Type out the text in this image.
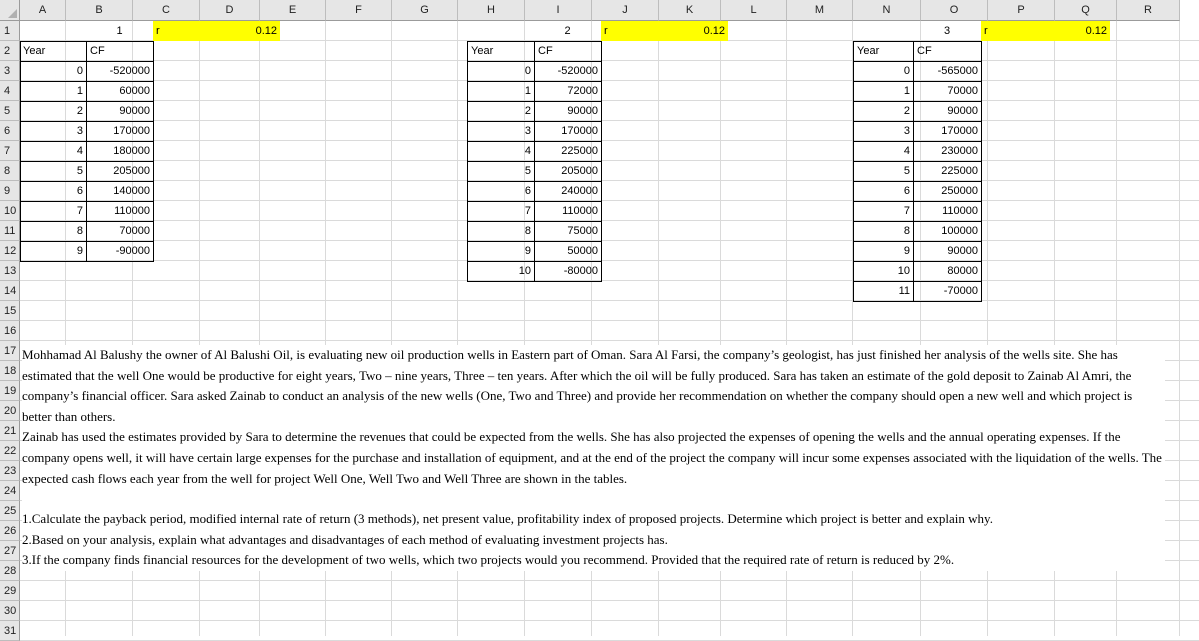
A	B	C	D	E	F	G	H	I	J	K	L	M	N	O	P	Q	R
1
2
3
4
5
6
7
8
9
10
11
12
13
14
15
16
17
18
19
20
21
22
23
24
25
26
27
28
29
30
31
1	r	0.12	2	r	0.12	3	r	0.12
Year	CF
0	-520000
1	60000
2	90000
3	170000
4	180000
5	205000
6	140000
7	110000
8	70000
9	-90000
Year	CF
0	-520000
1	72000
2	90000
3	170000
4	225000
5	205000
6	240000
7	110000
8	75000
9	50000
10	-80000
Year	CF
0	-565000
1	70000
2	90000
3	170000
4	230000
5	225000
6	250000
7	110000
8	100000
9	90000
10	80000
11	-70000

Mohhamad Al Balushy the owner of Al Balushi Oil, is evaluating new oil production wells in Eastern part of Oman. Sara Al Farsi, the company’s geologist, has just finished her analysis of the wells site. She has estimated that the well One would be productive for eight years, Two – nine years, Three – ten years. After which the oil will be fully produced. Sara has taken an estimate of the gold deposit to Zainab Al Amri, the company’s financial officer. Sara asked Zainab to conduct an analysis of the new wells (One, Two and Three) and provide her recommendation on whether the company should open a new well and which project is better than others.

Zainab has used the estimates provided by Sara to determine the revenues that could be expected from the wells. She has also projected the expenses of opening the wells and the annual operating expenses. If the company opens well, it will have certain large expenses for the purchase and installation of equipment, and at the end of the project the company will incur some expenses associated with the liquidation of the wells. The expected cash flows each year from the well for project Well One, Well Two and Well Three are shown in the tables.

1.Calculate the payback period, modified internal rate of return (3 methods), net present value, profitability index of proposed projects. Determine which project is better and explain why.

2.Based on your analysis, explain what advantages and disadvantages of each method of evaluating investment projects has.

3.If the company finds financial resources for the development of two wells, which two projects would you recommend. Provided that the required rate of return is reduced by 2%.
